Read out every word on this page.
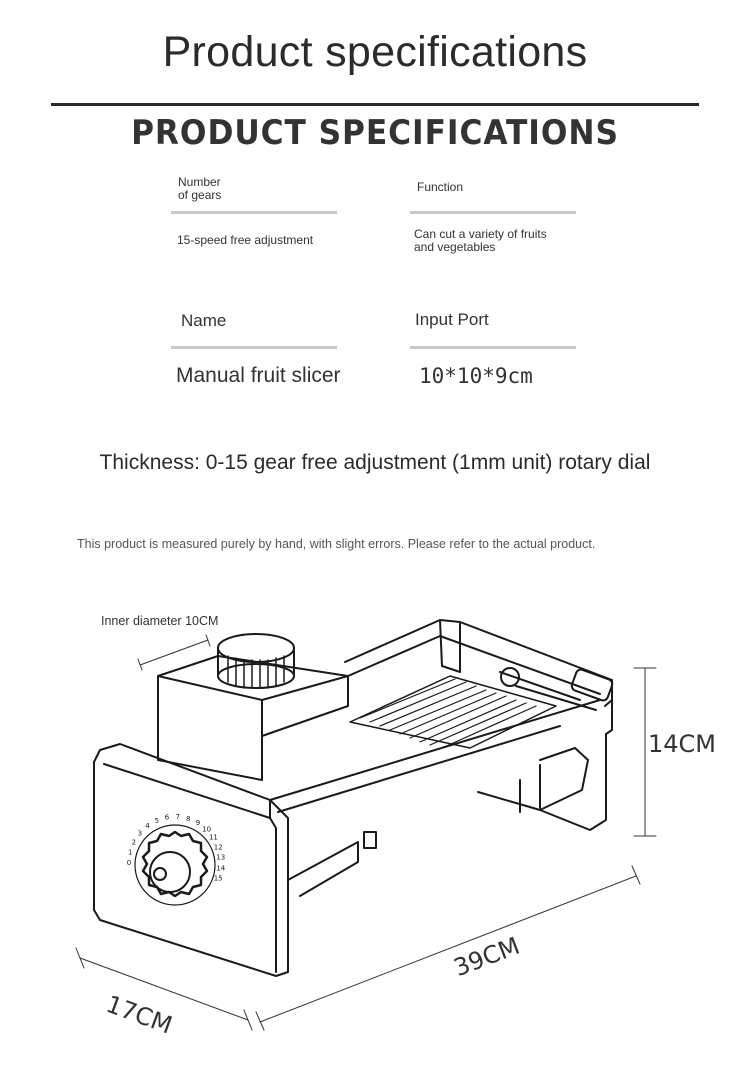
Product specifications
PRODUCT SPECIFICATIONS
Number
of gears
15-speed free adjustment
Function
Can cut a variety of fruits
and vegetables
Name
Manual fruit slicer
Input Port
10*10*9cm
Thickness: 0-15 gear free adjustment (1mm unit) rotary dial
This product is measured purely by hand, with slight errors. Please refer to the actual product.
0
1
2
3
4
5 6 7 8
9
10
11
12
13
14
15
Inner diameter 10CM
14CM
39CM
17CM
